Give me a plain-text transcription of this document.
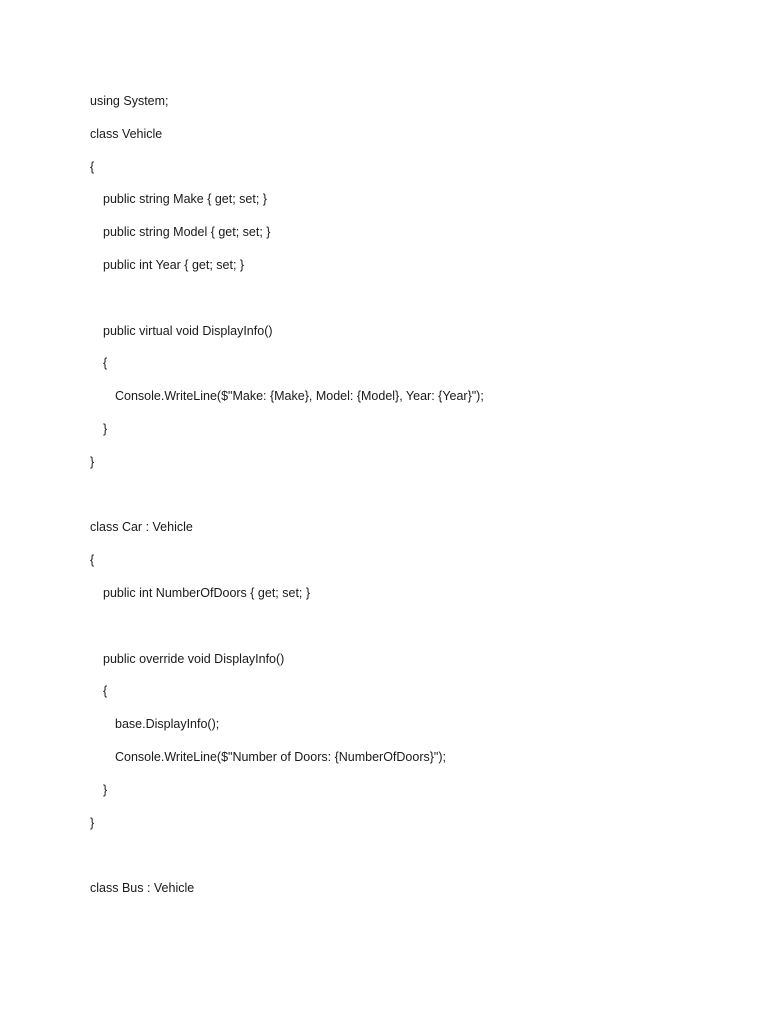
using System;
class Vehicle
{
public string Make { get; set; }
public string Model { get; set; }
public int Year { get; set; }
public virtual void DisplayInfo()
{
Console.WriteLine($"Make: {Make}, Model: {Model}, Year: {Year}");
}
}
class Car : Vehicle
{
public int NumberOfDoors { get; set; }
public override void DisplayInfo()
{
base.DisplayInfo();
Console.WriteLine($"Number of Doors: {NumberOfDoors}");
}
}
class Bus : Vehicle
